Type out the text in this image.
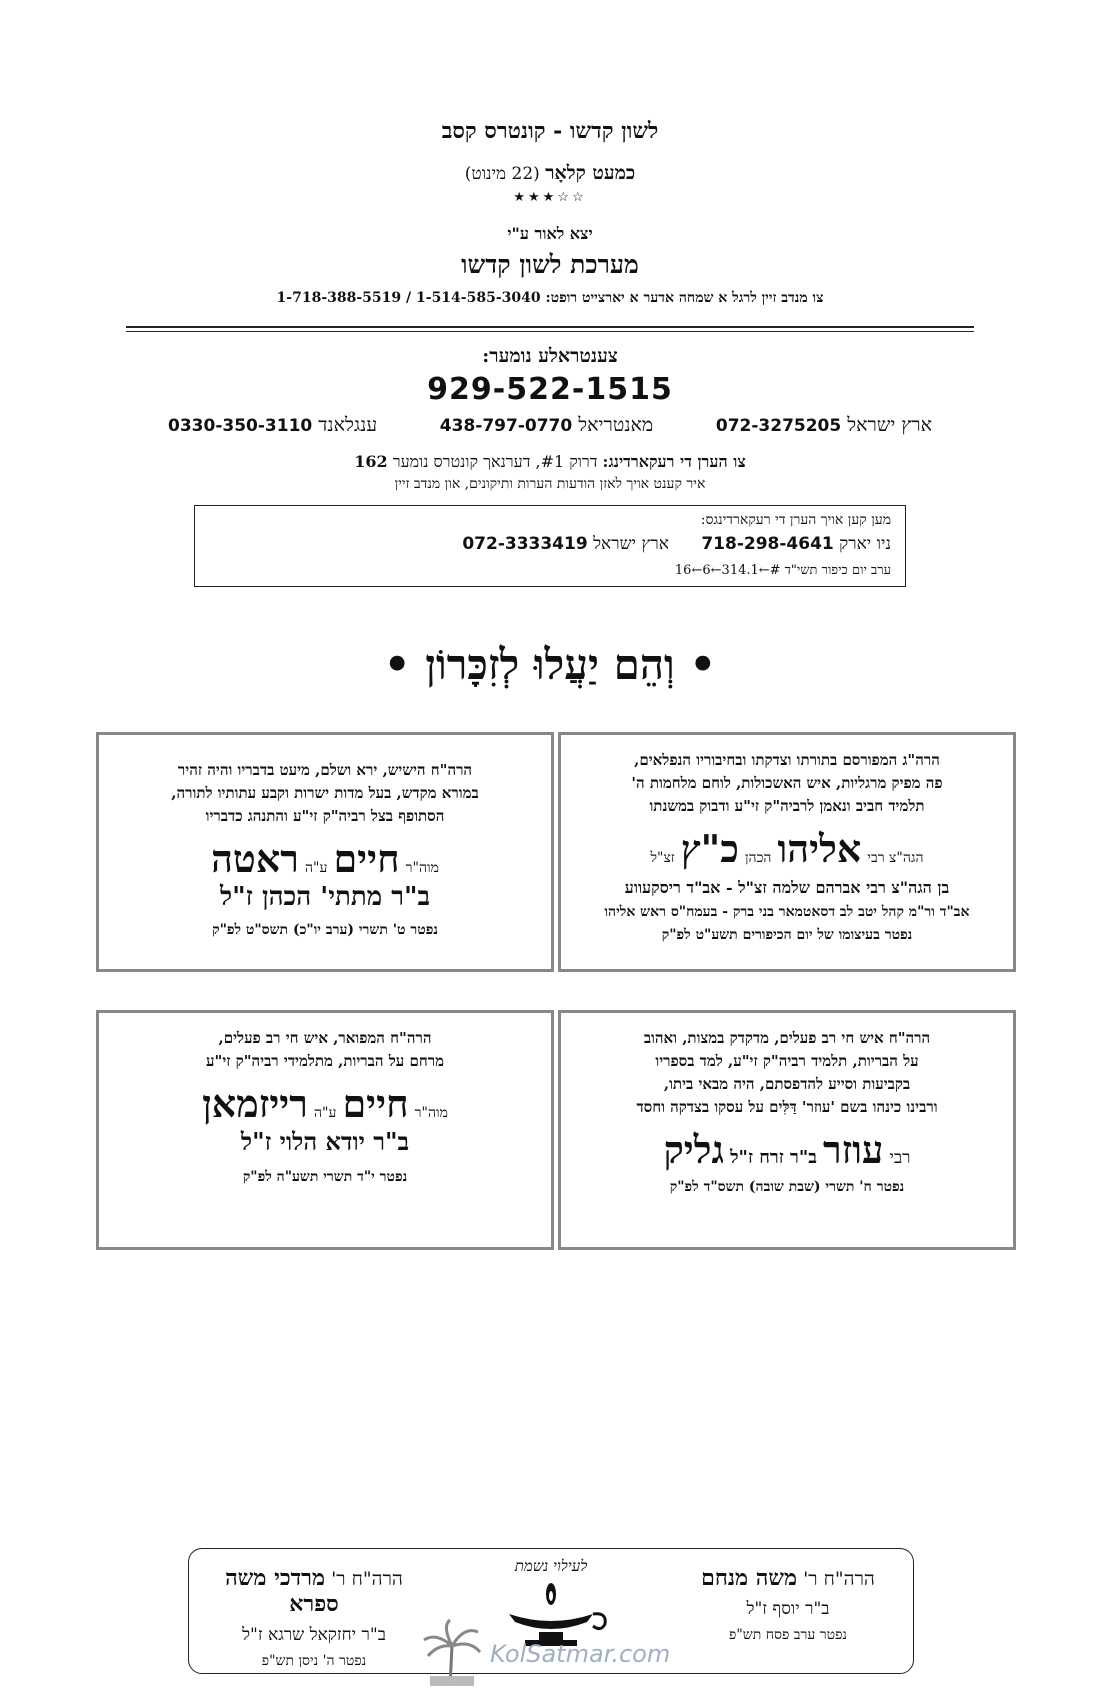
לשון קדשו - קונטרס קסב
כמעט קלאָר (22 מינוט)
★★★☆☆
יצא לאור ע"י
מערכת לשון קדשו
צו מנדב זיין לרגל א שמחה אדער א יארצייט רופט: 1-514-585-3040 / 1-718-388-5519
צענטראלע נומער:
929-522-1515
ארץ ישראל 072-3275205
מאנטריאל 438-797-0770
ענגלאנד 0330-350-3110
צו הערן די רעקארדינג: דרוק #1, דערנאך קונטרס נומער 162
איר קענט אויך לאזן הודעות הערות ותיקונים, און מנדב זיין
מען קען אויך הערן די רעקארדינגס:
ניו יארק 718-298-4641      ארץ ישראל 072-3333419
ערב יום כיפור תשי"ד #←314.1←6←16
• וְהֵם יַעֲלוּ לְזִכָּרוֹן •
הרה"ג המפורסם בתורתו וצדקתו ובחיבוריו הנפלאים,
פה מפיק מרגליות, איש האשכולות, לוחם מלחמות ה'
תלמיד חביב ונאמן לרביה"ק זי"ע ודבוק במשנתו
הגה"צ רבי אליהו הכהן כ"ץ זצ"ל
בן הגה"צ רבי אברהם שלמה זצ"ל - אב"ד ריסקעווע
אב"ד ור"מ קהל יטב לב דסאטמאר בני ברק - בעמח"ס ראש אליהו
נפטר בעיצומו של יום הכיפורים תשע"ט לפ"ק
הרה"ח הישיש, ירא ושלם, מיעט בדבריו והיה זהיר
במורא מקדש, בעל מדות ישרות וקבע עתותיו לתורה,
הסתופף בצל רביה"ק זי"ע והתנהג כדבריו
מוה"ר חיים ע"ה ראטה
ב"ר מתתי' הכהן ז"ל
נפטר ט' תשרי (ערב יו"כ) תשס"ט לפ"ק
הרה"ח איש חי רב פעלים, מדקדק במצות, ואהוב
על הבריות, תלמיד רביה"ק זי"ע, למד בספריו
בקביעות וסייע להדפסתם, היה מבאי ביתו,
ורבינו כינהו בשם 'עוזר' דַּלִּים על עסקו בצדקה וחסד
רבי עוזר ב"ר זרח ז"ל גליק
נפטר ח' תשרי (שבת שובה) תשס"ד לפ"ק
הרה"ח המפואר, איש חי רב פעלים,
מרחם על הבריות, מתלמידי רביה"ק זי"ע
מוה"ר חיים ע"ה רייזמאן
ב"ר יודא הלוי ז"ל
נפטר י"ד תשרי תשע"ה לפ"ק
הרה"ח ר' משה מנחם
ב"ר יוסף ז"ל
נפטר ערב פסח תש"פ
לעילוי נשמת
הרה"ח ר' מרדכי משה ספרא
ב"ר יחזקאל שרגא ז"ל
נפטר ה' ניסן תש"פ	KolSatmar.com
